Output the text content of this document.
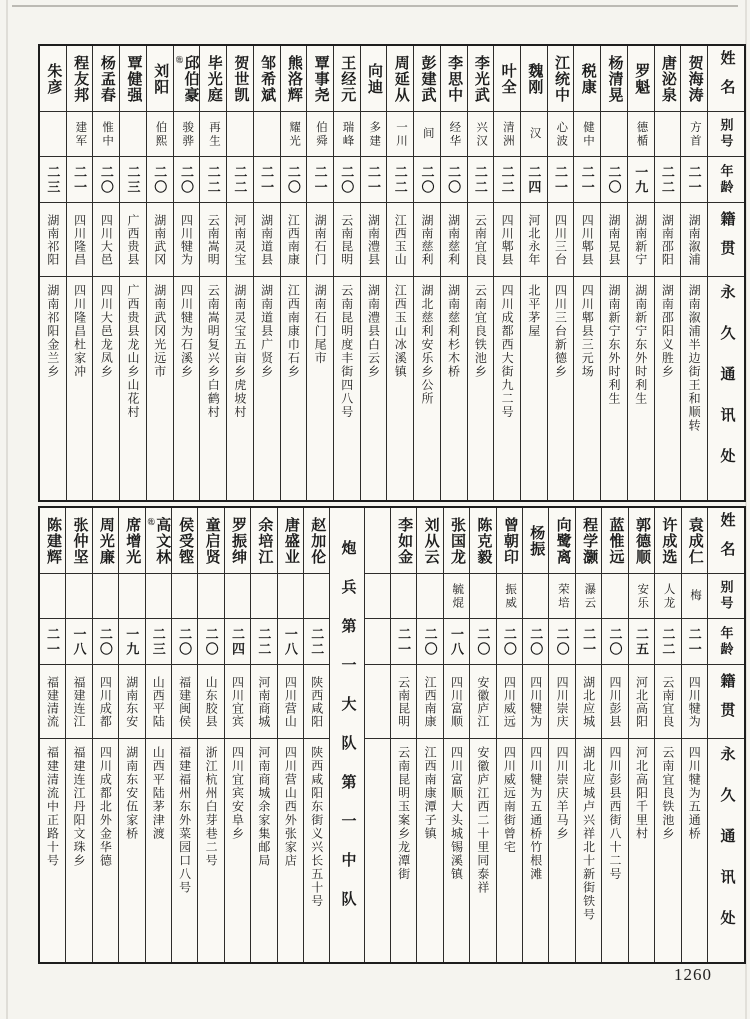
姓名
别号
年龄
籍贯
永久通讯处
贺海涛
方首
二一
湖南溆浦
湖南溆浦半边街王和顺转
唐泌泉
二二
湖南邵阳
湖南邵阳义胜乡
罗魁
德楯
一九
湖南新宁
湖南新宁东外时利生
杨清晃
二〇
湖南晃县
湖南新宁东外时利生
税康
健中
二一
四川郫县
四川郫县三元场
江统中
心波
二一
四川三台
四川三台新德乡
魏刚
汉
二四
河北永年
北平茅屋
叶全
清洲
二二
四川郫县
四川成都西大街九二号
李光武
兴汉
二二
云南宜良
云南宜良铁池乡
李思中
经华
二〇
湖南慈利
湖南慈利杉木桥
彭建武
间
二〇
湖南慈利
湖北慈利安乐乡公所
周延从
一川
二二
江西玉山
江西玉山冰溪镇
向迪
多建
二一
湖南澧县
湖南澧县白云乡
王经元
瑞峰
二〇
云南昆明
云南昆明度丰街四八号
覃事尧
伯舜
二一
湖南石门
湖南石门尾市
熊洛辉
耀光
二〇
江西南康
江西南康巾石乡
邹希斌
二一
湖南道县
湖南道县广贤乡
贺世凯
二二
河南灵宝
湖南灵宝五亩乡虎坡村
毕光庭
再生
二二
云南嵩明
云南嵩明复兴乡白鹤村
邱伯豪
㊟
骏骅
二〇
四川犍为
四川犍为石溪乡
刘阳
伯熙
二〇
湖南武冈
湖南武冈光远市
覃健强
二三
广西贵县
广西贵县龙山乡山花村
杨孟春
惟中
二〇
四川大邑
四川大邑龙凤乡
程友邦
建军
二一
四川隆昌
四川隆昌杜家冲
朱彦
二三
湖南祁阳
湖南祁阳金兰乡
姓名
别号
年龄
籍贯
永久通讯处
袁成仁
梅
二一
四川犍为
四川犍为五通桥
许成选
人龙
二二
云南宜良
云南宜良铁池乡
郭德顺
安乐
二五
河北高阳
河北高阳千里村
蓝惟远
二〇
四川彭县
四川彭县西街八十二号
程学灏
瀑云
二一
湖北应城
湖北应城卢兴祥北十新街铁号
向鹭离
荣培
二〇
四川崇庆
四川崇庆羊马乡
杨振
二〇
四川犍为
四川犍为五通桥竹根滩
曾朝印
振威
二〇
四川威远
四川威远南街曾宅
陈克毅
二〇
安徽庐江
安徽庐江西二十里同泰祥
张国龙
毓焜
一八
四川富顺
四川富顺大头城锡溪镇
刘从云
二〇
江西南康
江西南康潭子镇
李如金
二一
云南昆明
云南昆明玉案乡龙潭街
炮兵第一大队第一中队
赵加伦
二二
陕西咸阳
陕西咸阳东街义兴长五十号
唐盛业
一八
四川营山
四川营山西外张家店
余培江
二二
河南商城
河南商城余家集邮局
罗振绅
二四
四川宜宾
四川宜宾安阜乡
童启贤
二〇
山东胶县
浙江杭州白芽巷二号
侯受铿
二〇
福建闽侯
福建福州东外菜园口八号
高文林
㊟
二三
山西平陆
山西平陆茅津渡
席增光
一九
湖南东安
湖南东安伍家桥
周光廉
二〇
四川成都
四川成都北外金华德
张仲坚
一八
福建连江
福建连江丹阳文珠乡
陈建辉
二一
福建清流
福建清流中正路十号
1260
